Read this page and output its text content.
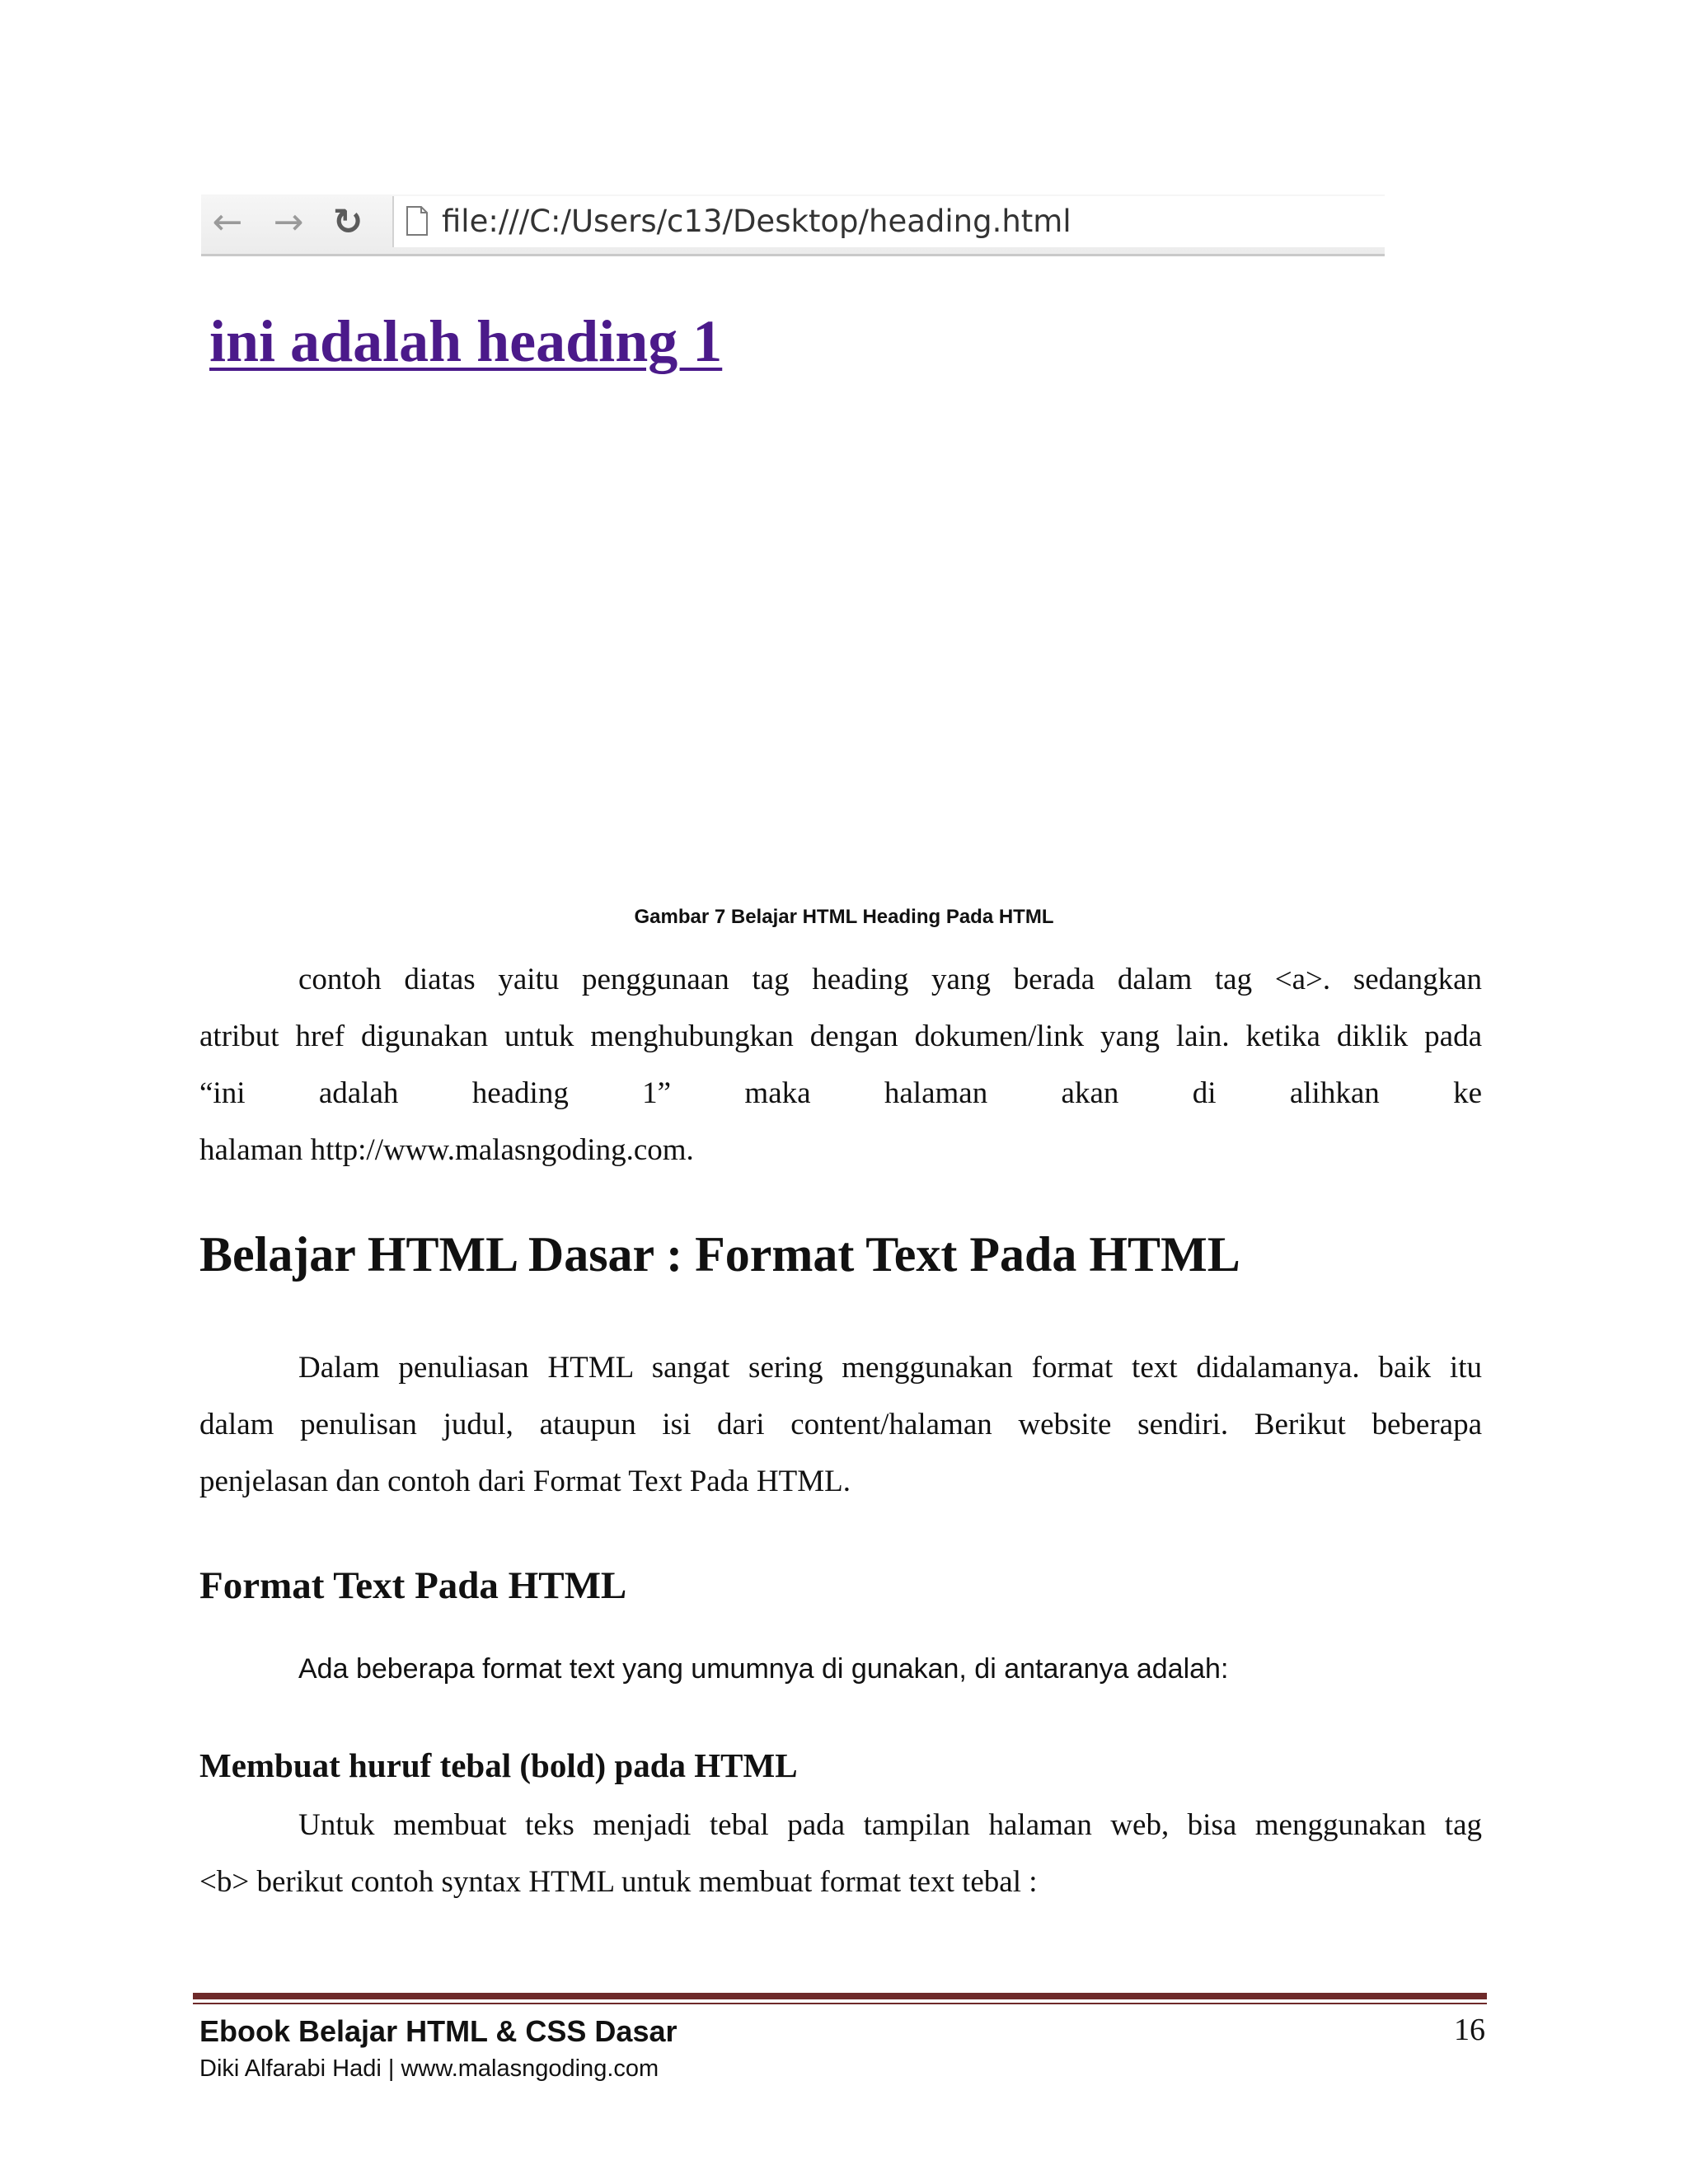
← → ↻	file:///C:/Users/c13/Desktop/heading.html
ini adalah heading 1
Gambar 7 Belajar HTML Heading Pada HTML
contoh diatas yaitu penggunaan tag heading yang berada dalam tag <a>. sedangkan
atribut href digunakan untuk menghubungkan dengan dokumen/link yang lain. ketika diklik pada
“ini adalah heading 1” maka halaman akan di alihkan ke
halaman http://www.malasngoding.com.
Belajar HTML Dasar : Format Text Pada HTML
Dalam penuliasan HTML sangat sering menggunakan format text didalamanya. baik itu
dalam penulisan judul, ataupun isi dari content/halaman website sendiri. Berikut beberapa
penjelasan dan contoh dari Format Text Pada HTML.
Format Text Pada HTML
Ada beberapa format text yang umumnya di gunakan, di antaranya adalah:
Membuat huruf tebal (bold) pada HTML
Untuk membuat teks menjadi tebal pada tampilan halaman web, bisa menggunakan tag
<b> berikut contoh syntax HTML untuk membuat format text tebal :
Ebook Belajar HTML & CSS Dasar	16
Diki Alfarabi Hadi | www.malasngoding.com
